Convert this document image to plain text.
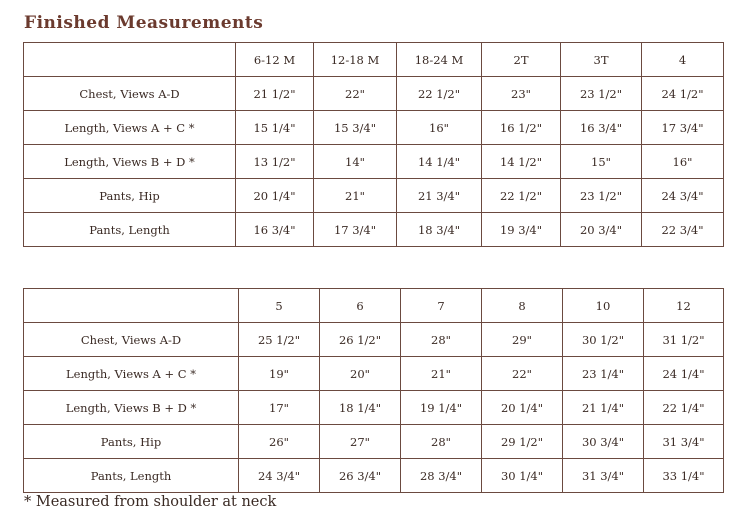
Finished Measurements
	6-12 M	12-18 M	18-24 M	2T	3T	4
Chest, Views A-D	21 1/2"	22"	22 1/2"	23"	23 1/2"	24 1/2"
Length, Views A + C *	15 1/4"	15 3/4"	16"	16 1/2"	16 3/4"	17 3/4"
Length, Views B + D *	13 1/2"	14"	14 1/4"	14 1/2"	15"	16"
Pants, Hip	20 1/4"	21"	21 3/4"	22 1/2"	23 1/2"	24 3/4"
Pants, Length	16 3/4"	17 3/4"	18 3/4"	19 3/4"	20 3/4"	22 3/4"
	5	6	7	8	10	12
Chest, Views A-D	25 1/2"	26 1/2"	28"	29"	30 1/2"	31 1/2"
Length, Views A + C *	19"	20"	21"	22"	23 1/4"	24 1/4"
Length, Views B + D *	17"	18 1/4"	19 1/4"	20 1/4"	21 1/4"	22 1/4"
Pants, Hip	26"	27"	28"	29 1/2"	30 3/4"	31 3/4"
Pants, Length	24 3/4"	26 3/4"	28 3/4"	30 1/4"	31 3/4"	33 1/4"
* Measured from shoulder at neck
